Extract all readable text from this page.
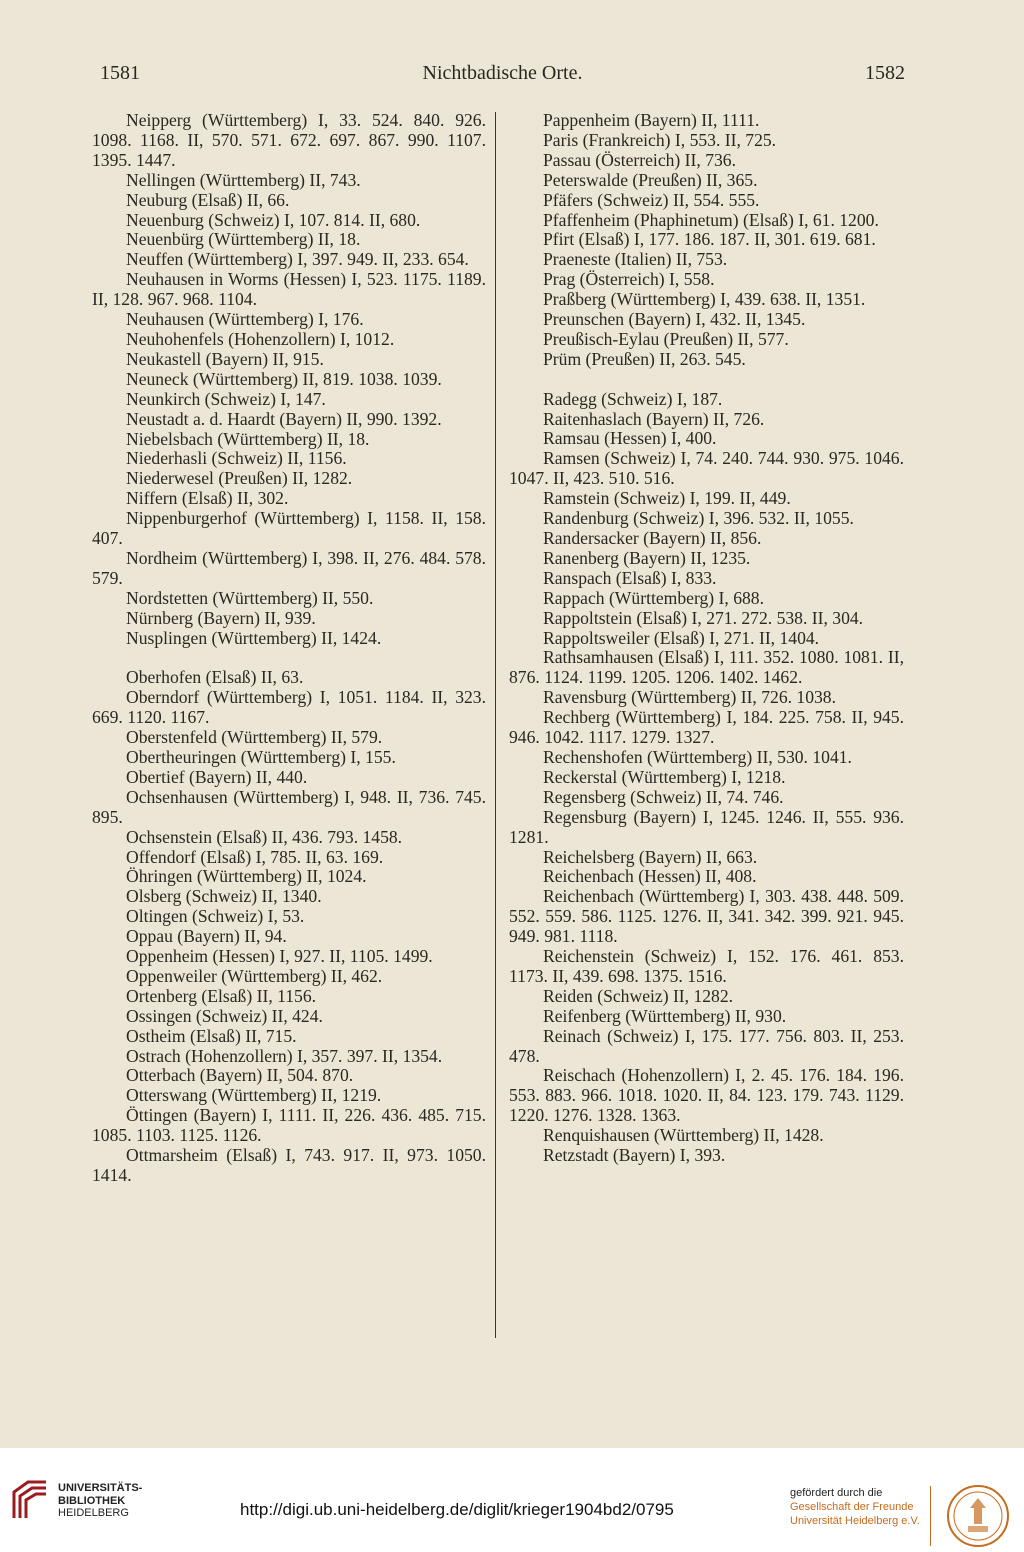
1581	Nichtbadische Orte.	1582

Neipperg (Württemberg) I, 33. 524. 840. 926. 1098. 1168. II, 570. 571. 672. 697. 867. 990. 1107. 1395. 1447.

Nellingen (Württemberg) II, 743.

Neuburg (Elsaß) II, 66.

Neuenburg (Schweiz) I, 107. 814. II, 680.

Neuenbürg (Württemberg) II, 18.

Neuffen (Württemberg) I, 397. 949. II, 233. 654.

Neuhausen in Worms (Hessen) I, 523. 1175. 1189. II, 128. 967. 968. 1104.

Neuhausen (Württemberg) I, 176.

Neuhohenfels (Hohenzollern) I, 1012.

Neukastell (Bayern) II, 915.

Neuneck (Württemberg) II, 819. 1038. 1039.

Neunkirch (Schweiz) I, 147.

Neustadt a. d. Haardt (Bayern) II, 990. 1392.

Niebelsbach (Württemberg) II, 18.

Niederhasli (Schweiz) II, 1156.

Niederwesel (Preußen) II, 1282.

Niffern (Elsaß) II, 302.

Nippenburgerhof (Württemberg) I, 1158. II, 158. 407.

Nordheim (Württemberg) I, 398. II, 276. 484. 578. 579.

Nordstetten (Württemberg) II, 550.

Nürnberg (Bayern) II, 939.

Nusplingen (Württemberg) II, 1424.

Oberhofen (Elsaß) II, 63.

Oberndorf (Württemberg) I, 1051. 1184. II, 323. 669. 1120. 1167.

Oberstenfeld (Württemberg) II, 579.

Obertheuringen (Württemberg) I, 155.

Obertief (Bayern) II, 440.

Ochsenhausen (Württemberg) I, 948. II, 736. 745. 895.

Ochsenstein (Elsaß) II, 436. 793. 1458.

Offendorf (Elsaß) I, 785. II, 63. 169.

Öhringen (Württemberg) II, 1024.

Olsberg (Schweiz) II, 1340.

Oltingen (Schweiz) I, 53.

Oppau (Bayern) II, 94.

Oppenheim (Hessen) I, 927. II, 1105. 1499.

Oppenweiler (Württemberg) II, 462.

Ortenberg (Elsaß) II, 1156.

Ossingen (Schweiz) II, 424.

Ostheim (Elsaß) II, 715.

Ostrach (Hohenzollern) I, 357. 397. II, 1354.

Otterbach (Bayern) II, 504. 870.

Otterswang (Württemberg) II, 1219.

Öttingen (Bayern) I, 1111. II, 226. 436. 485. 715. 1085. 1103. 1125. 1126.

Ottmarsheim (Elsaß) I, 743. 917. II, 973. 1050. 1414.

Pappenheim (Bayern) II, 1111.

Paris (Frankreich) I, 553. II, 725.

Passau (Österreich) II, 736.

Peterswalde (Preußen) II, 365.

Pfäfers (Schweiz) II, 554. 555.

Pfaffenheim (Phaphinetum) (Elsaß) I, 61. 1200.

Pfirt (Elsaß) I, 177. 186. 187. II, 301. 619. 681.

Praeneste (Italien) II, 753.

Prag (Österreich) I, 558.

Praßberg (Württemberg) I, 439. 638. II, 1351.

Preunschen (Bayern) I, 432. II, 1345.

Preußisch-Eylau (Preußen) II, 577.

Prüm (Preußen) II, 263. 545.

Radegg (Schweiz) I, 187.

Raitenhaslach (Bayern) II, 726.

Ramsau (Hessen) I, 400.

Ramsen (Schweiz) I, 74. 240. 744. 930. 975. 1046. 1047. II, 423. 510. 516.

Ramstein (Schweiz) I, 199. II, 449.

Randenburg (Schweiz) I, 396. 532. II, 1055.

Randersacker (Bayern) II, 856.

Ranenberg (Bayern) II, 1235.

Ranspach (Elsaß) I, 833.

Rappach (Württemberg) I, 688.

Rappoltstein (Elsaß) I, 271. 272. 538. II, 304.

Rappoltsweiler (Elsaß) I, 271. II, 1404.

Rathsamhausen (Elsaß) I, 111. 352. 1080. 1081. II, 876. 1124. 1199. 1205. 1206. 1402. 1462.

Ravensburg (Württemberg) II, 726. 1038.

Rechberg (Württemberg) I, 184. 225. 758. II, 945. 946. 1042. 1117. 1279. 1327.

Rechenshofen (Württemberg) II, 530. 1041.

Reckerstal (Württemberg) I, 1218.

Regensberg (Schweiz) II, 74. 746.

Regensburg (Bayern) I, 1245. 1246. II, 555. 936. 1281.

Reichelsberg (Bayern) II, 663.

Reichenbach (Hessen) II, 408.

Reichenbach (Württemberg) I, 303. 438. 448. 509. 552. 559. 586. 1125. 1276. II, 341. 342. 399. 921. 945. 949. 981. 1118.

Reichenstein (Schweiz) I, 152. 176. 461. 853. 1173. II, 439. 698. 1375. 1516.

Reiden (Schweiz) II, 1282.

Reifenberg (Württemberg) II, 930.

Reinach (Schweiz) I, 175. 177. 756. 803. II, 253. 478.

Reischach (Hohenzollern) I, 2. 45. 176. 184. 196. 553. 883. 966. 1018. 1020. II, 84. 123. 179. 743. 1129. 1220. 1276. 1328. 1363.

Renquishausen (Württemberg) II, 1428.

Retzstadt (Bayern) I, 393.

UNIVERSITÄTS-
BIBLIOTHEK
HEIDELBERG	http://digi.ub.uni-heidelberg.de/diglit/krieger1904bd2/0795
gefördert durch die
Gesellschaft der Freunde
Universität Heidelberg e.V.
